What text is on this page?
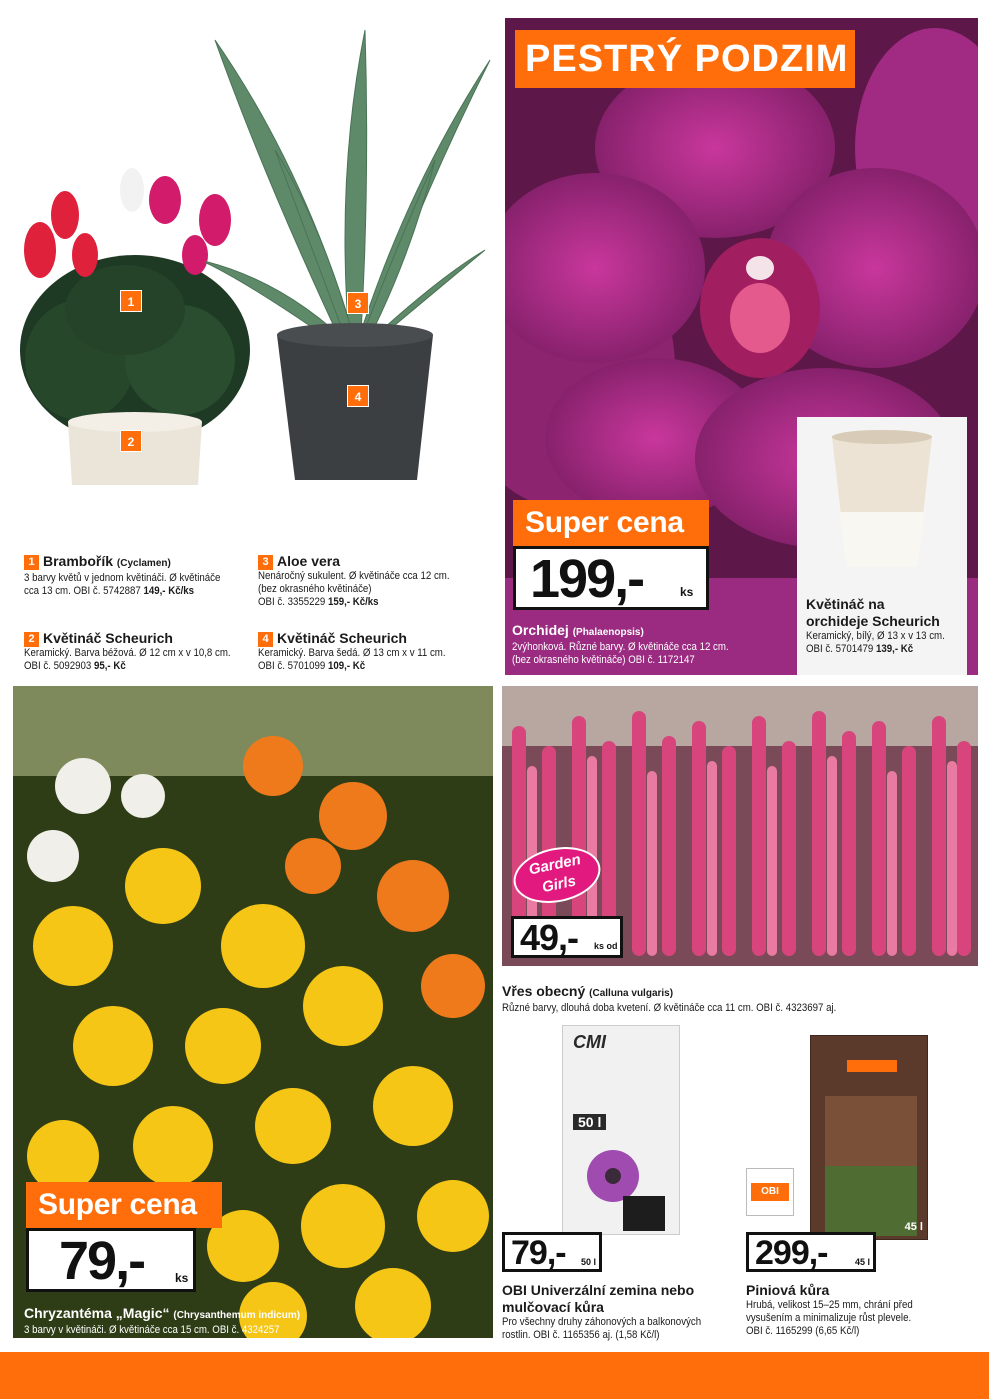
1
2
3
4
1 Brambořík (Cyclamen)
3 barvy květů v jednom květináči. Ø květináče
cca 13 cm. OBI č. 5742887 149,- Kč/ks
2 Květináč Scheurich
Keramický. Barva béžová. Ø 12 cm x v 10,8 cm.
OBI č. 5092903 95,- Kč
3 Aloe vera
Nenáročný sukulent. Ø květináče cca 12 cm.
(bez okrasného květináče)
OBI č. 3355229 159,- Kč/ks
4 Květináč Scheurich
Keramický. Barva šedá. Ø 13 cm x v 11 cm.
OBI č. 5701099 109,- Kč
PESTRÝ PODZIM
Květináč na
orchideje Scheurich
Keramický, bílý, Ø 13 x v 13 cm.
OBI č. 5701479 139,- Kč
Super cena
199,-	ks
Orchidej (Phalaenopsis)
2výhonková. Různé barvy. Ø květináče cca 12 cm.
(bez okrasného květináče) OBI č. 1172147
Super cena
79,-	ks
Chryzantéma „Magic“ (Chrysanthemum indicum)
3 barvy v květináči. Ø květináče cca 15 cm. OBI č. 4324257
Garden
Girls
49,- ks od
Vřes obecný (Calluna vulgaris)
Různé barvy, dlouhá doba kvetení. Ø květináče cca 11 cm. OBI č. 4323697 aj.
CMI
50 l
79,- 50 l
OBI Univerzální zemina nebo
mulčovací kůra
Pro všechny druhy záhonových a balkonových
rostlin. OBI č. 1165356 aj. (1,58 Kč/l)
45 l
OBI
299,-	45 l
Piniová kůra
Hrubá, velikost 15–25 mm, chrání před
vysušením a minimalizuje růst plevele.
OBI č. 1165299 (6,65 Kč/l)
